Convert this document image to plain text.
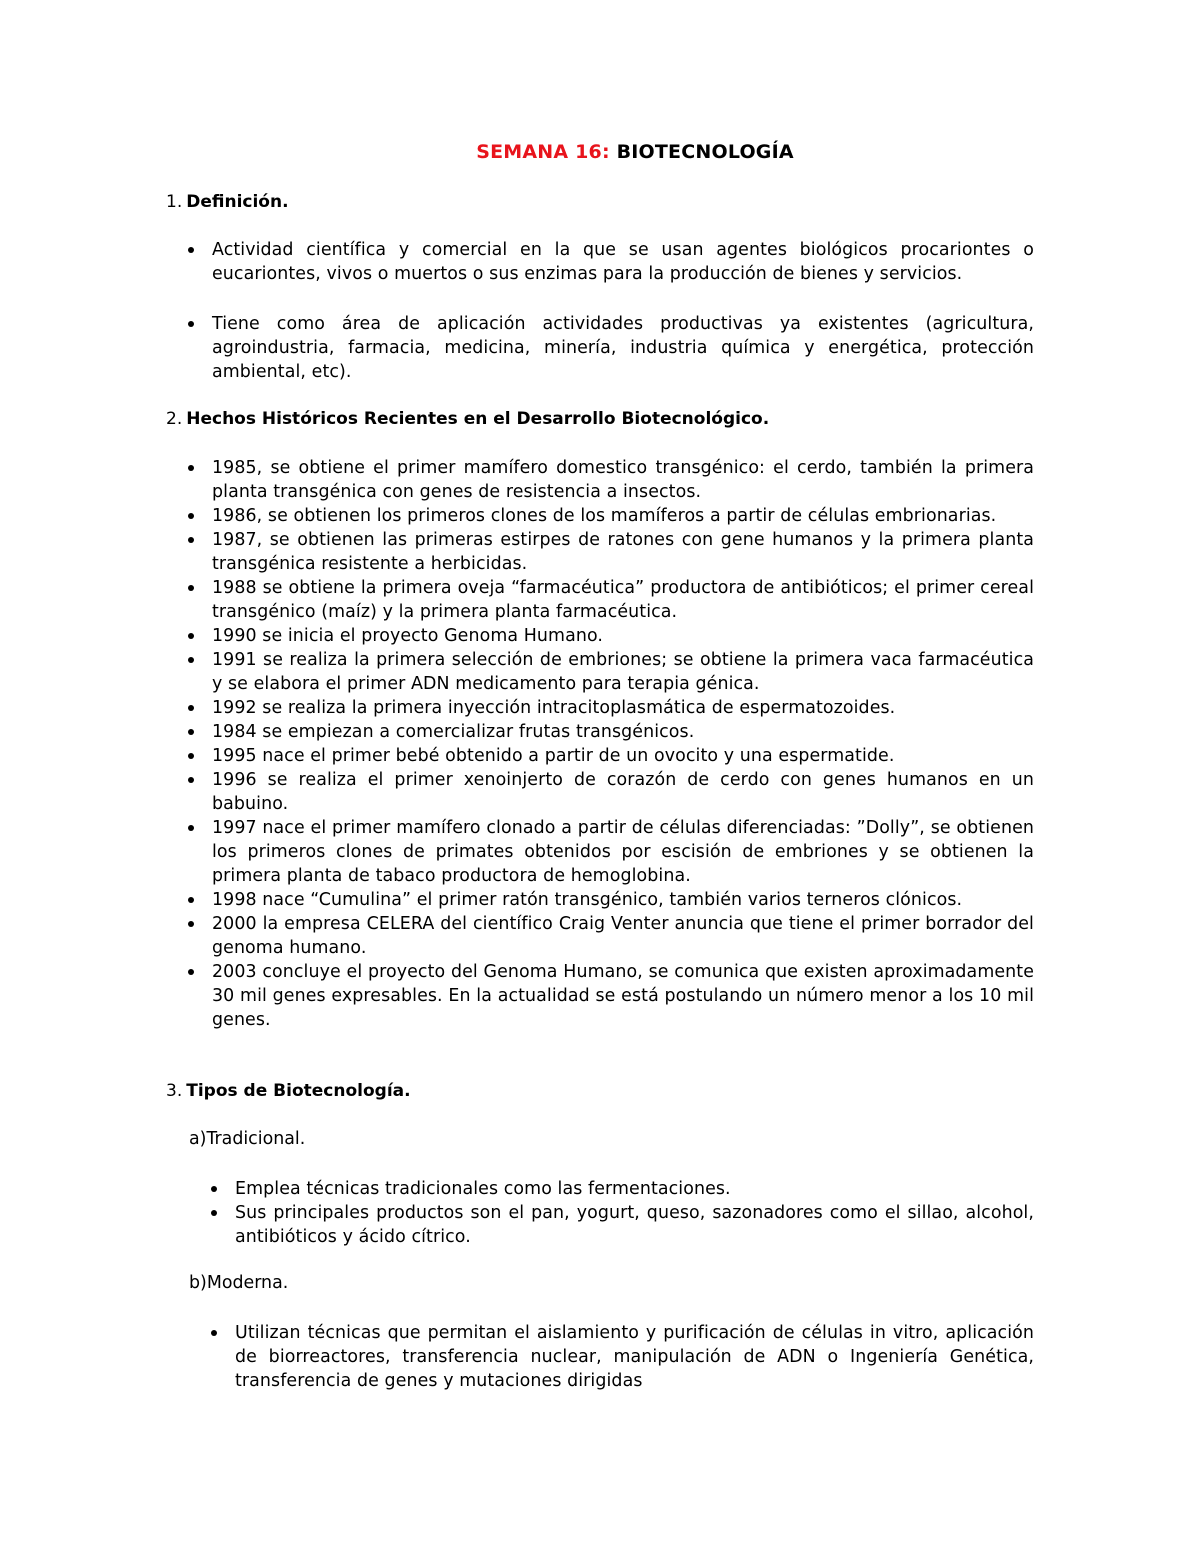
SEMANA 16: BIOTECNOLOGÍA

1. Definición.

Actividad científica y comercial en la que se usan agentes biológicos procariontes o eucariontes, vivos o muertos o sus enzimas para la producción de bienes y servicios.
Tiene como área de aplicación actividades productivas ya existentes (agricultura, agroindustria, farmacia, medicina, minería, industria química y energética, protección ambiental, etc).

2. Hechos Históricos Recientes en el Desarrollo Biotecnológico.

1985, se obtiene el primer mamífero domestico transgénico: el cerdo, también la primera planta transgénica con genes de resistencia a insectos.
1986, se obtienen los primeros clones de los mamíferos a partir de células embrionarias.
1987, se obtienen las primeras estirpes de ratones con gene humanos y la primera planta transgénica resistente a herbicidas.
1988 se obtiene la primera oveja “farmacéutica” productora de antibióticos; el primer cereal transgénico (maíz) y la primera planta farmacéutica.
1990 se inicia el proyecto Genoma Humano.
1991 se realiza la primera selección de embriones; se obtiene la primera vaca farmacéutica y se elabora el primer ADN medicamento para terapia génica.
1992 se realiza la primera inyección intracitoplasmática de espermatozoides.
1984 se empiezan a comercializar frutas transgénicos.
1995 nace el primer bebé obtenido a partir de un ovocito y una espermatide.
1996 se realiza el primer xenoinjerto de corazón de cerdo con genes humanos en un babuino.
1997 nace el primer mamífero clonado a partir de células diferenciadas: ”Dolly”, se obtienen los primeros clones de primates obtenidos por escisión de embriones y se obtienen la primera planta de tabaco productora de hemoglobina.
1998 nace “Cumulina” el primer ratón transgénico, también varios terneros clónicos.
2000 la empresa CELERA del científico Craig Venter anuncia que tiene el primer borrador del genoma humano.
2003 concluye el proyecto del Genoma Humano, se comunica que existen aproximadamente 30 mil genes expresables. En la actualidad se está postulando un número menor a los 10 mil genes.

3. Tipos de Biotecnología.

a)Tradicional.

Emplea técnicas tradicionales como las fermentaciones.
Sus principales productos son el pan, yogurt, queso, sazonadores como el sillao, alcohol, antibióticos y ácido cítrico.

b)Moderna.

Utilizan técnicas que permitan el aislamiento y purificación de células in vitro, aplicación de biorreactores, transferencia nuclear, manipulación de ADN o Ingeniería Genética, transferencia de genes y mutaciones dirigidas
